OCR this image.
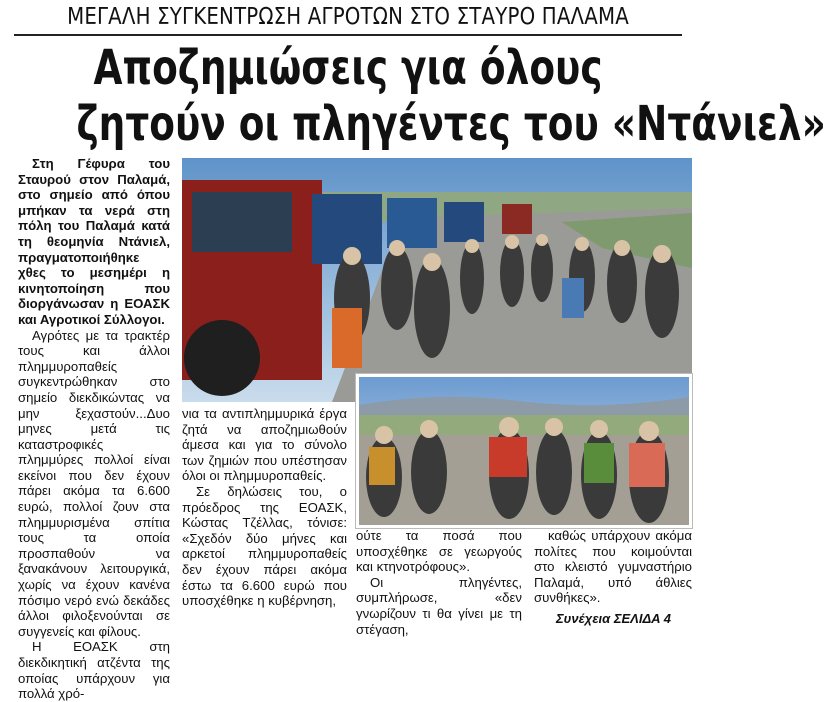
ΜΕΓΑΛΗ ΣΥΓΚΕΝΤΡΩΣΗ ΑΓΡΟΤΩΝ ΣΤΟ ΣΤΑΥΡΟ ΠΑΛΑΜΑ
Αποζημιώσεις για όλους
ζητούν οι πληγέντες του «Ντάνιελ»

Στη Γέφυρα του Σταυρού στον Παλαμά, στο σημείο από όπου μπήκαν τα νερά στη πόλη του Παλαμά κατά τη θεομηνία Ντάνιελ, πραγματοποιήθηκε χθες το μεσημέρι η κινητοποίηση που διοργάνωσαν η ΕΟΑΣΚ και Αγροτικοί Σύλλογοι.

Αγρότες με τα τρακτέρ τους και άλλοι πλημμυροπαθείς συγκεντρώθηκαν στο σημείο διεκδικώντας να μην ξεχαστούν...Δυο μηνες μετά τις καταστροφικές πλημμύρες πολλοί είναι εκείνοι που δεν έχουν πάρει ακόμα τα 6.600 ευρώ, πολλοί ζουν στα πλημμυρισμένα σπίτια τους τα οποία προσπαθούν να ξανακάνουν λειτουργικά, χωρίς να έχουν κανένα πόσιμο νερό ενώ δεκάδες άλλοι φιλοξενούνται σε συγγενείς και φίλους.

Η ΕΟΑΣΚ στη διεκδικητική ατζέντα της οποίας υπάρχουν για πολλά χρό-

νια τα αντιπλημμυρικά έργα ζητά να αποζημιωθούν άμεσα και για το σύνολο των ζημιών που υπέστησαν όλοι οι πλημμυροπαθείς.

Σε δηλώσεις του, ο πρόεδρος της ΕΟΑΣΚ, Κώστας Τζέλλας, τόνισε: «Σχεδόν δύο μήνες και αρκετοί πλημμυροπαθείς δεν έχουν πάρει ακόμα έστω τα 6.600 ευρώ που υποσχέθηκε η κυβέρνηση,

ούτε τα ποσά που υποσχέθηκε σε γεωργούς και κτηνοτρόφους».

Οι πληγέντες, συμπλήρωσε, «δεν γνωρίζουν τι θα γίνει με τη στέγαση,

καθώς υπάρχουν ακόμα πολίτες που κοιμούνται στο κλειστό γυμναστήριο Παλαμά, υπό άθλιες συνθήκες».

Συνέχεια ΣΕΛΙΔΑ 4
